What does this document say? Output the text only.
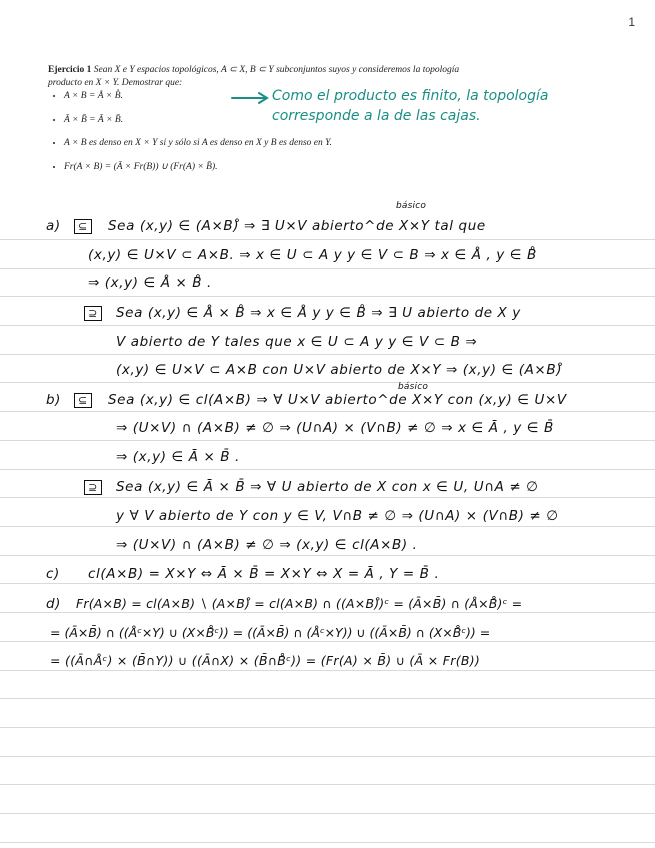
1
Ejercicio 1 Sean X e Y espacios topológicos, A ⊂ X, B ⊂ Y subconjuntos suyos y consideremos la topología
producto en X × Y. Demostrar que:
• A × B = Å × B̊.
• Ā × B̄ = Ā × B̄.
• A × B es denso en X × Y si y sólo si A es denso en X y B es denso en Y.
• Fr(A × B) = (Ā × Fr(B)) ∪ (Fr(A) × B̄).
Como el producto es finito, la topología
corresponde a la de las cajas.
básico
a)	⊆ Sea (x,y) ∈ (A×B)̊ ⇒ ∃ U×V abierto^de X×Y tal que
(x,y) ∈ U×V ⊂ A×B. ⇒ x ∈ U ⊂ A y y ∈ V ⊂ B ⇒ x ∈ Å , y ∈ B̊
⇒ (x,y) ∈ Å × B̊ .
⊇ Sea (x,y) ∈ Å × B̊ ⇒ x ∈ Å y y ∈ B̊ ⇒ ∃ U abierto de X y
V abierto de Y tales que x ∈ U ⊂ A y y ∈ V ⊂ B ⇒
(x,y) ∈ U×V ⊂ A×B con U×V abierto de X×Y ⇒ (x,y) ∈ (A×B)̊
básico
b)	⊆ Sea (x,y) ∈ cl(A×B) ⇒ ∀ U×V abierto^de X×Y con (x,y) ∈ U×V
⇒ (U×V) ∩ (A×B) ≠ ∅ ⇒ (U∩A) × (V∩B) ≠ ∅ ⇒ x ∈ Ā , y ∈ B̄
⇒ (x,y) ∈ Ā × B̄ .
⊇ Sea (x,y) ∈ Ā × B̄ ⇒ ∀ U abierto de X con x ∈ U, U∩A ≠ ∅
y ∀ V abierto de Y con y ∈ V, V∩B ≠ ∅ ⇒ (U∩A) × (V∩B) ≠ ∅
⇒ (U×V) ∩ (A×B) ≠ ∅ ⇒ (x,y) ∈ cl(A×B) .
c) cl(A×B) = X×Y ⇔ Ā × B̄ = X×Y ⇔ X = Ā , Y = B̄ .
d) Fr(A×B) = cl(A×B) ∖ (A×B)̊ = cl(A×B) ∩ ((A×B)̊)ᶜ = (Ā×B̄) ∩ (Å×B̊)ᶜ =
= (Ā×B̄) ∩ ((Åᶜ×Y) ∪ (X×B̊ᶜ)) = ((Ā×B̄) ∩ (Åᶜ×Y)) ∪ ((Ā×B̄) ∩ (X×B̊ᶜ)) =
= ((Ā∩Åᶜ) × (B̄∩Y)) ∪ ((Ā∩X) × (B̄∩B̊ᶜ)) = (Fr(A) × B̄) ∪ (Ā × Fr(B))
